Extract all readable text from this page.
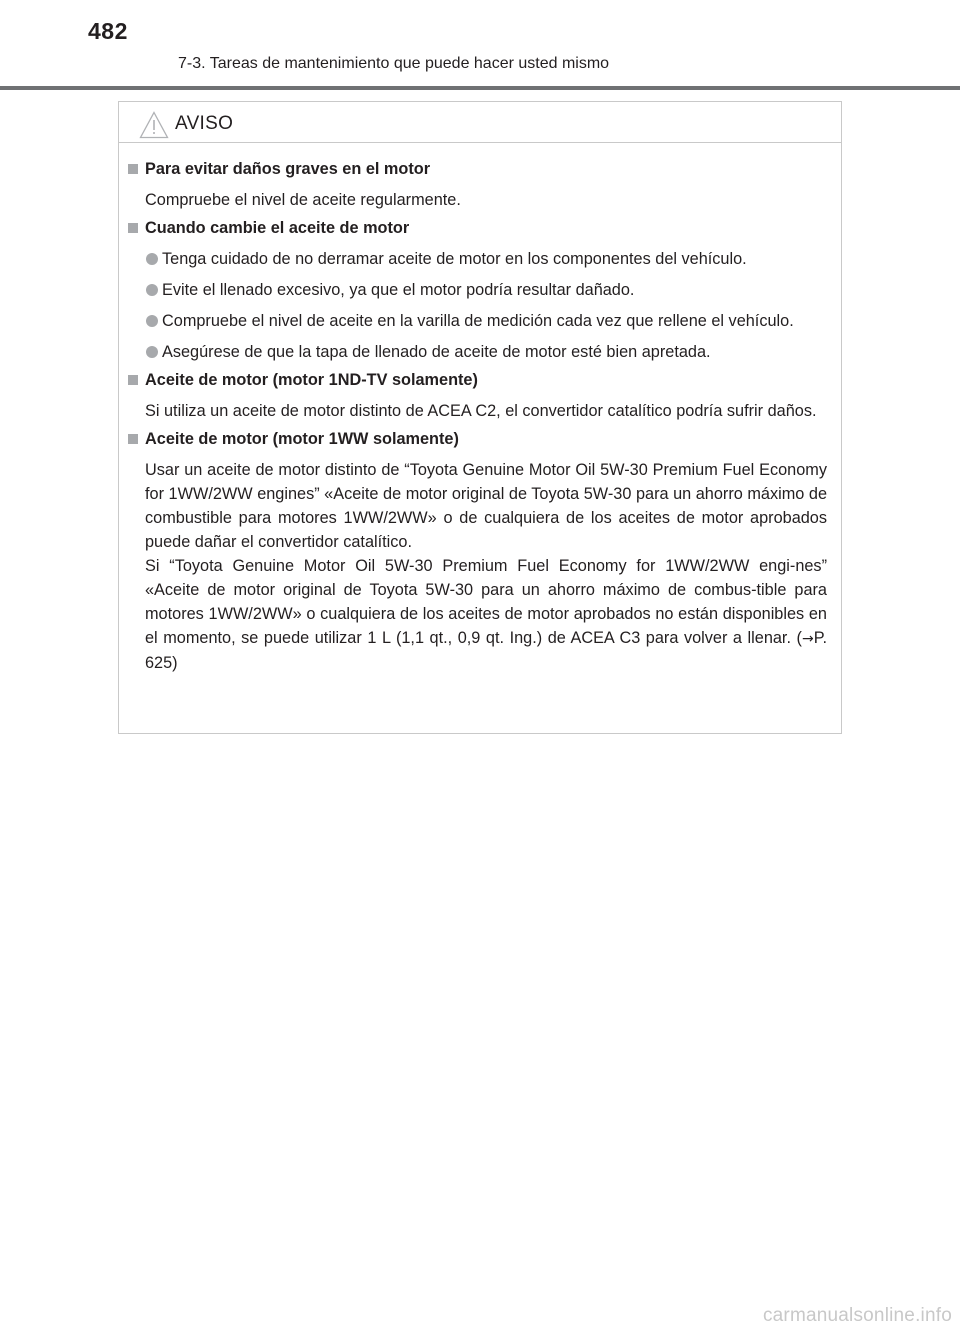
482
7-3. Tareas de mantenimiento que puede hacer usted mismo
AVISO
Para evitar daños graves en el motor
Compruebe el nivel de aceite regularmente.
Cuando cambie el aceite de motor
Tenga cuidado de no derramar aceite de motor en los componentes del vehículo.
Evite el llenado excesivo, ya que el motor podría resultar dañado.
Compruebe el nivel de aceite en la varilla de medición cada vez que rellene el vehículo.
Asegúrese de que la tapa de llenado de aceite de motor esté bien apretada.
Aceite de motor (motor 1ND-TV solamente)
Si utiliza un aceite de motor distinto de ACEA C2, el convertidor catalítico podría sufrir daños.
Aceite de motor (motor 1WW solamente)
Usar un aceite de motor distinto de “Toyota Genuine Motor Oil 5W-30 Premium Fuel Economy for 1WW/2WW engines” «Aceite de motor original de Toyota 5W-30 para un ahorro máximo de combustible para motores 1WW/2WW» o de cualquiera de los aceites de motor aprobados puede dañar el convertidor catalítico.
Si “Toyota Genuine Motor Oil 5W-30 Premium Fuel Economy for 1WW/2WW engi-nes” «Aceite de motor original de Toyota 5W-30 para un ahorro máximo de combus-tible para motores 1WW/2WW» o cualquiera de los aceites de motor aprobados no están disponibles en el momento, se puede utilizar 1 L (1,1 qt., 0,9 qt. Ing.) de ACEA C3 para volver a llenar. (→P. 625)
carmanualsonline.info
